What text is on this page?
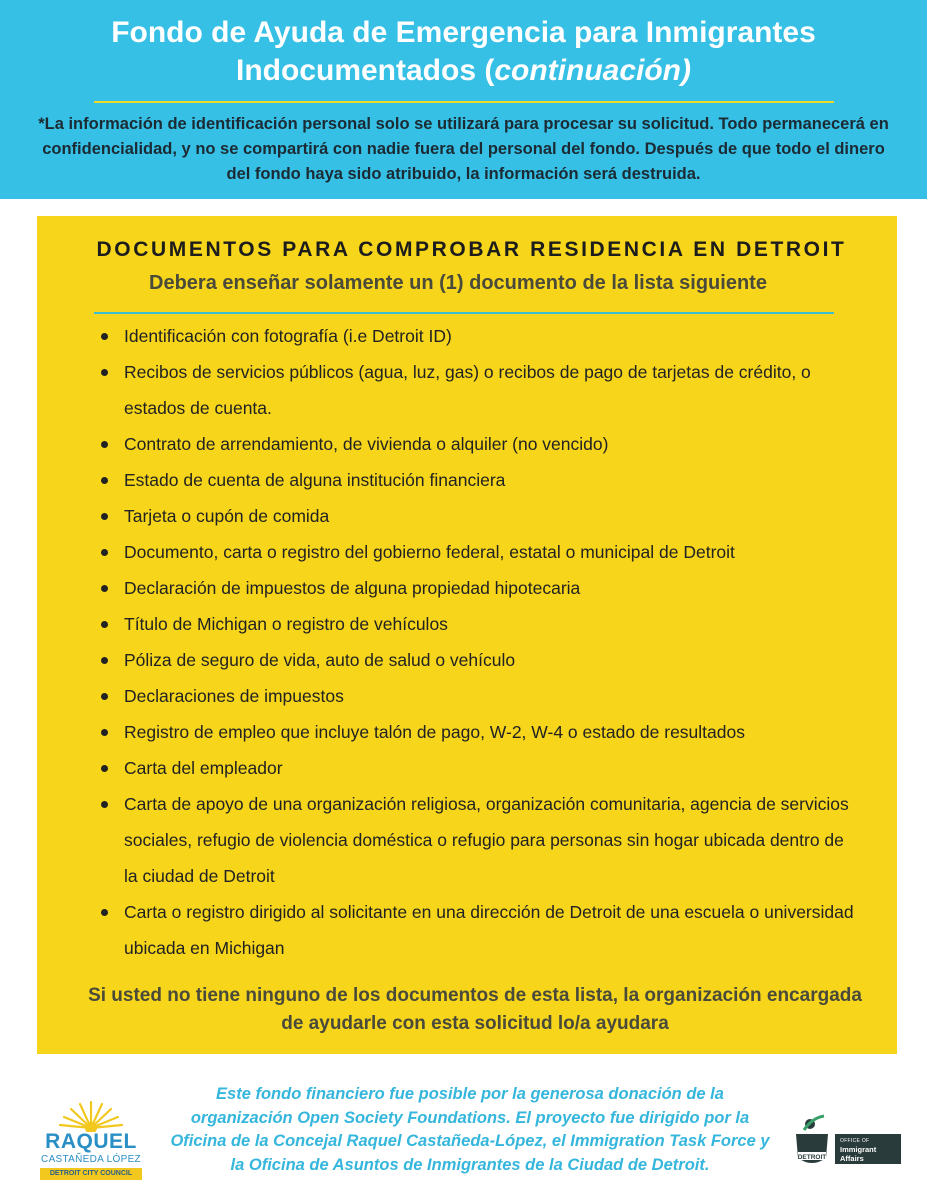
Fondo de Ayuda de Emergencia para Inmigrantes
Indocumentados (continuación)
*La información de identificación personal solo se utilizará para procesar su solicitud. Todo permanecerá en confidencialidad, y no se compartirá con nadie fuera del personal del fondo. Después de que todo el dinero del fondo haya sido atribuido, la información será destruida.
DOCUMENTOS PARA COMPROBAR RESIDENCIA EN DETROIT
Debera enseñar solamente un (1) documento de la lista siguiente
Identificación con fotografía (i.e Detroit ID)
Recibos de servicios públicos (agua, luz, gas) o recibos de pago de tarjetas de crédito, o estados de cuenta.
Contrato de arrendamiento, de vivienda o alquiler (no vencido)
Estado de cuenta de alguna institución financiera
Tarjeta o cupón de comida
Documento, carta o registro del gobierno federal, estatal o municipal de Detroit
Declaración de impuestos de alguna propiedad hipotecaria
Título de Michigan o registro de vehículos
Póliza de seguro de vida, auto de salud o vehículo
Declaraciones de impuestos
Registro de empleo que incluye talón de pago, W-2, W-4 o estado de resultados
Carta del empleador
Carta de apoyo de una organización religiosa, organización comunitaria, agencia de servicios sociales, refugio de violencia doméstica o refugio para personas sin hogar ubicada dentro de la ciudad de Detroit
Carta o registro dirigido al solicitante en una dirección de Detroit de una escuela o universidad ubicada en Michigan
Si usted no tiene ninguno de los documentos de esta lista, la organización encargada de ayudarle con esta solicitud lo/a ayudara
Este fondo financiero fue posible por la generosa donación de la organización Open Society Foundations. El proyecto fue dirigido por la Oficina de la Concejal Raquel Castañeda-Lópe‌z, el Immigration Task Force y la Oficina de Asuntos de Inmigrantes de la Ciudad de Detroit.
RAQUEL
CASTAÑEDA LÓPEZ
DETROIT CITY COUNCIL
DETROIT
OFFICE OF
Immigrant Affairs
